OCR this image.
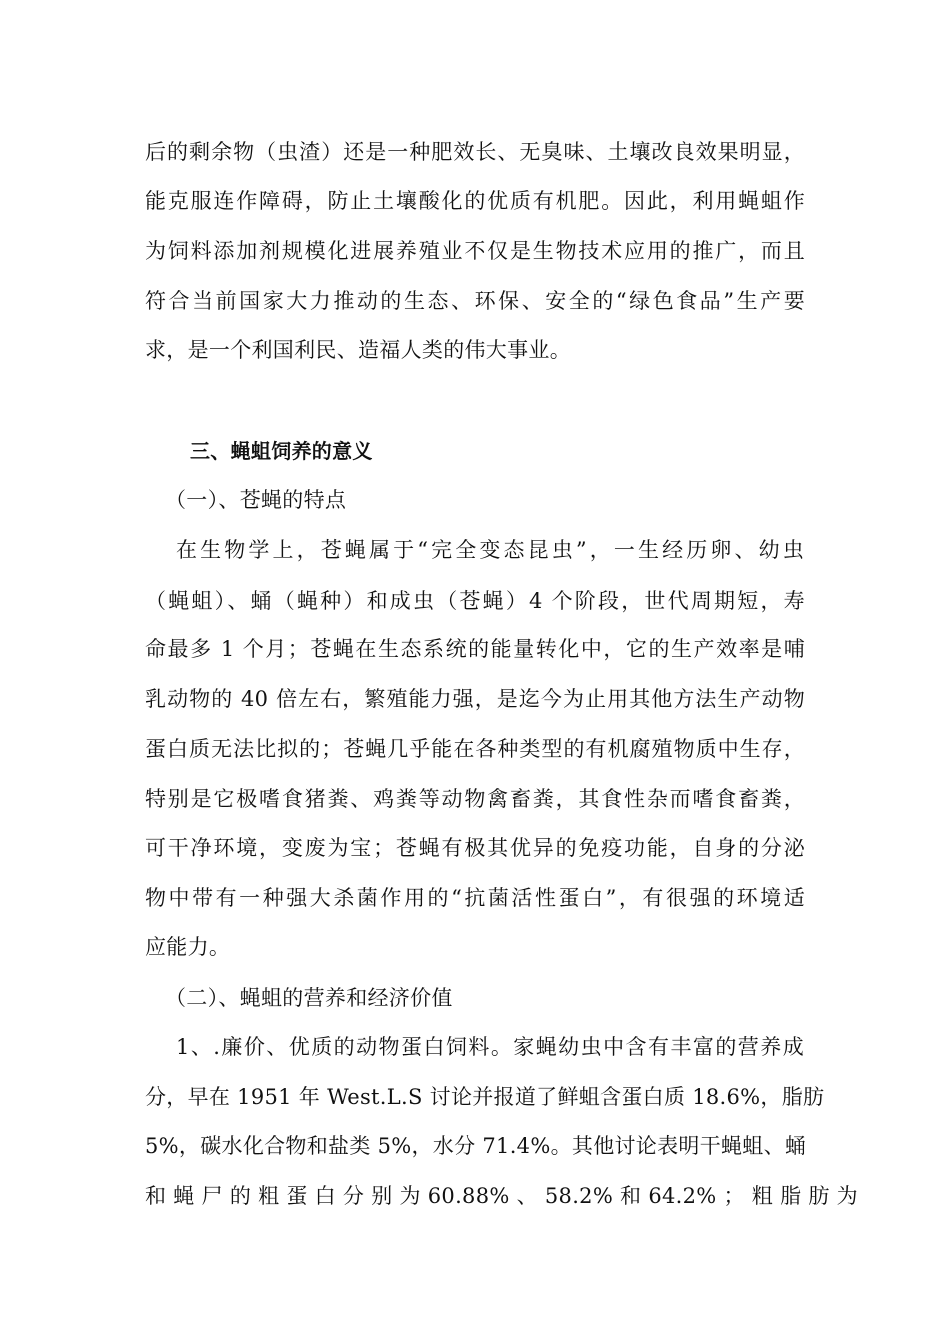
后的剩余物（虫渣）还是一种肥效长、无臭味、土壤改良效果明显，
能克服连作障碍，防止土壤酸化的优质有机肥。因此，利用蝇蛆作
为饲料添加剂规模化进展养殖业不仅是生物技术应用的推广，而且
符合当前国家大力推动的生态、环保、安全的“绿色食品”生产要
求，是一个利国利民、造福人类的伟大事业。
三、蝇蛆饲养的意义
（一）、苍蝇的特点
在生物学上，苍蝇属于“完全变态昆虫”，一生经历卵、幼虫
（蝇蛆）、蛹（蝇种）和成虫（苍蝇）4 个阶段，世代周期短，寿
命最多 1 个月；苍蝇在生态系统的能量转化中，它的生产效率是哺
乳动物的 40 倍左右，繁殖能力强，是迄今为止用其他方法生产动物
蛋白质无法比拟的；苍蝇几乎能在各种类型的有机腐殖物质中生存，
特别是它极嗜食猪粪、鸡粪等动物禽畜粪，其食性杂而嗜食畜粪，
可干净环境，变废为宝；苍蝇有极其优异的免疫功能，自身的分泌
物中带有一种强大杀菌作用的“抗菌活性蛋白”，有很强的环境适
应能力。
（二）、蝇蛆的营养和经济价值
1、.廉价、优质的动物蛋白饲料。家蝇幼虫中含有丰富的营养成
分，早在 1951 年 West.L.S 讨论并报道了鲜蛆含蛋白质 18.6%，脂肪
5%，碳水化合物和盐类 5%，水分 71.4%。其他讨论表明干蝇蛆、蛹
和 蝇 尸 的 粗 蛋 白 分 别 为 60.88% 、 58.2% 和 64.2% ； 粗 脂 肪 为
